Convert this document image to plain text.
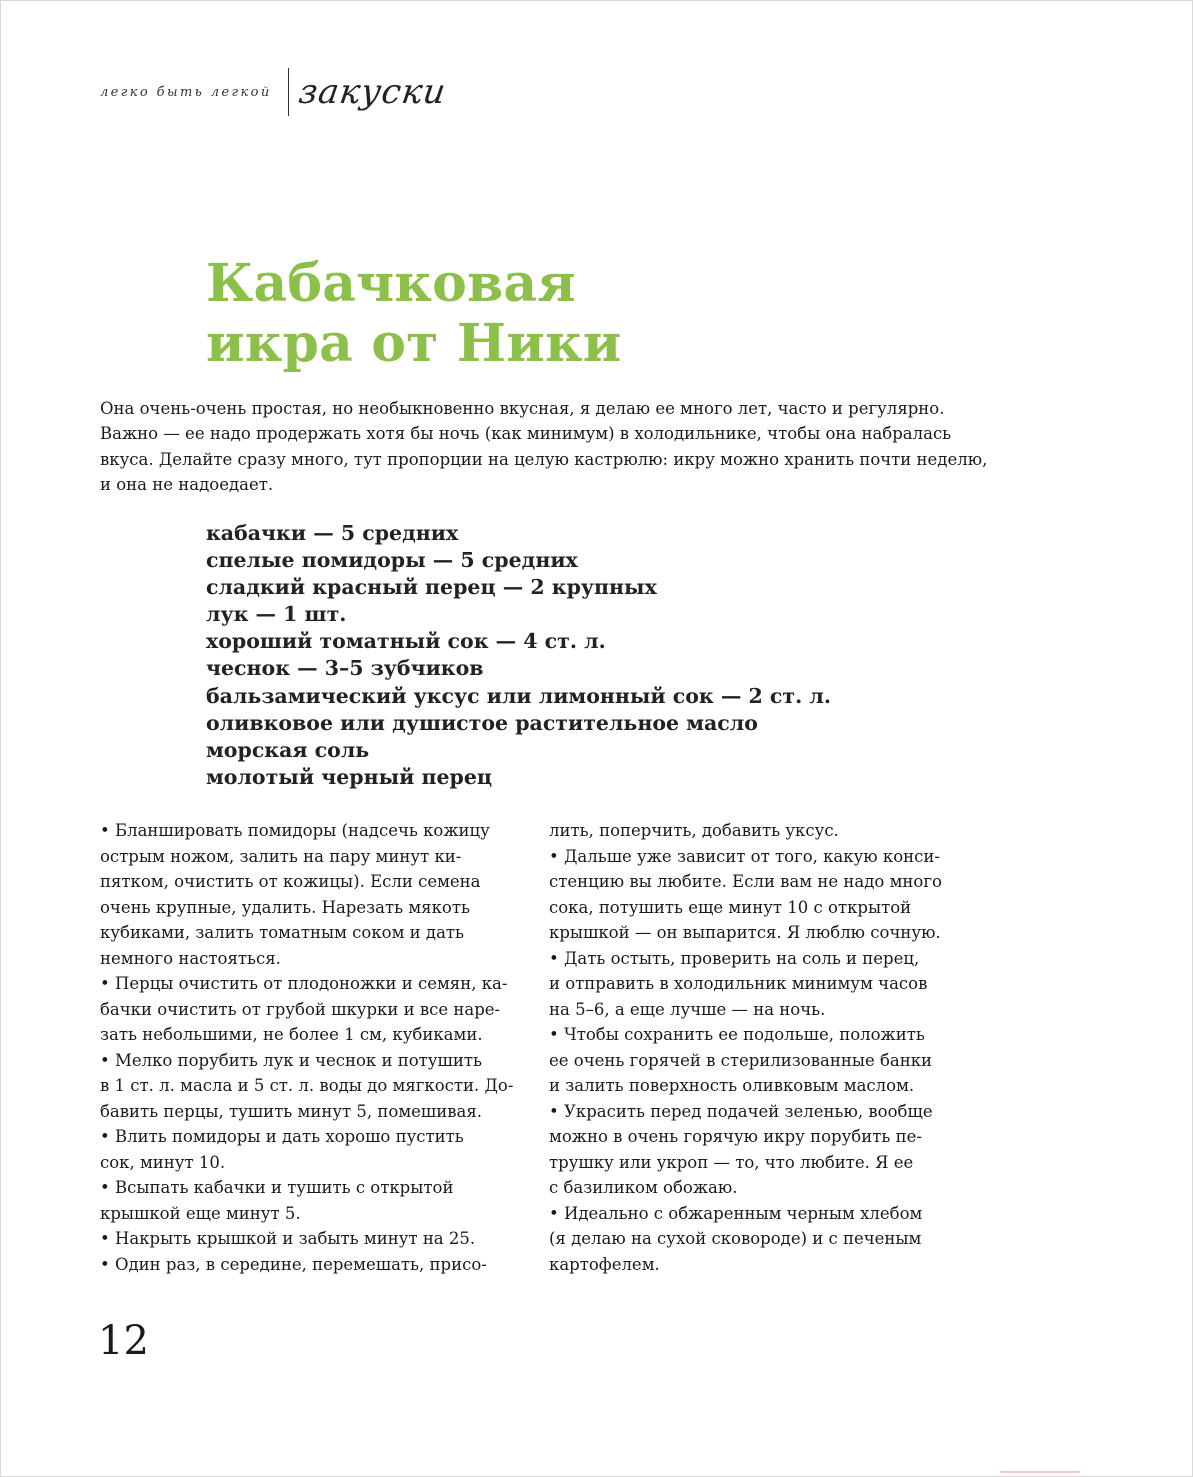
легко быть легкой закуски
Кабачковая
икра от Ники

Она очень-очень простая, но необыкновенно вкусная, я делаю ее много лет, часто и регулярно. Важно — ее надо продержать хотя бы ночь (как минимум) в холодильнике, чтобы она набралась вкуса. Делайте сразу много, тут пропорции на целую кастрюлю: икру можно хранить почти неделю, и она не надоедает.

кабачки — 5 средних
спелые помидоры — 5 средних
сладкий красный перец — 2 крупных
лук — 1 шт.
хороший томатный сок — 4 ст. л.
чеснок — 3–5 зубчиков
бальзамический уксус или лимонный сок — 2 ст. л.
оливковое или душистое растительное масло
морская соль
молотый черный перец
• Бланшировать помидоры (надсечь кожицу
острым ножом, залить на пару минут ки-
пятком, очистить от кожицы). Если семена
очень крупные, удалить. Нарезать мякоть
кубиками, залить томатным соком и дать
немного настояться.
• Перцы очистить от плодоножки и семян, ка-
бачки очистить от грубой шкурки и все наре-
зать небольшими, не более 1 см, кубиками.
• Мелко порубить лук и чеснок и потушить
в 1 ст. л. масла и 5 ст. л. воды до мягкости. До-
бавить перцы, тушить минут 5, помешивая.
• Влить помидоры и дать хорошо пустить
сок, минут 10.
• Всыпать кабачки и тушить с открытой
крышкой еще минут 5.
• Накрыть крышкой и забыть минут на 25.
• Один раз, в середине, перемешать, присо-
лить, поперчить, добавить уксус.
• Дальше уже зависит от того, какую конси-
стенцию вы любите. Если вам не надо много
сока, потушить еще минут 10 с открытой
крышкой — он выпарится. Я люблю сочную.
• Дать остыть, проверить на соль и перец,
и отправить в холодильник минимум часов
на 5–6, а еще лучше — на ночь.
• Чтобы сохранить ее подольше, положить
ее очень горячей в стерилизованные банки
и залить поверхность оливковым маслом.
• Украсить перед подачей зеленью, вообще
можно в очень горячую икру порубить пе-
трушку или укроп — то, что любите. Я ее
с базиликом обожаю.
• Идеально с обжаренным черным хлебом
(я делаю на сухой сковороде) и с печеным
картофелем.
12
